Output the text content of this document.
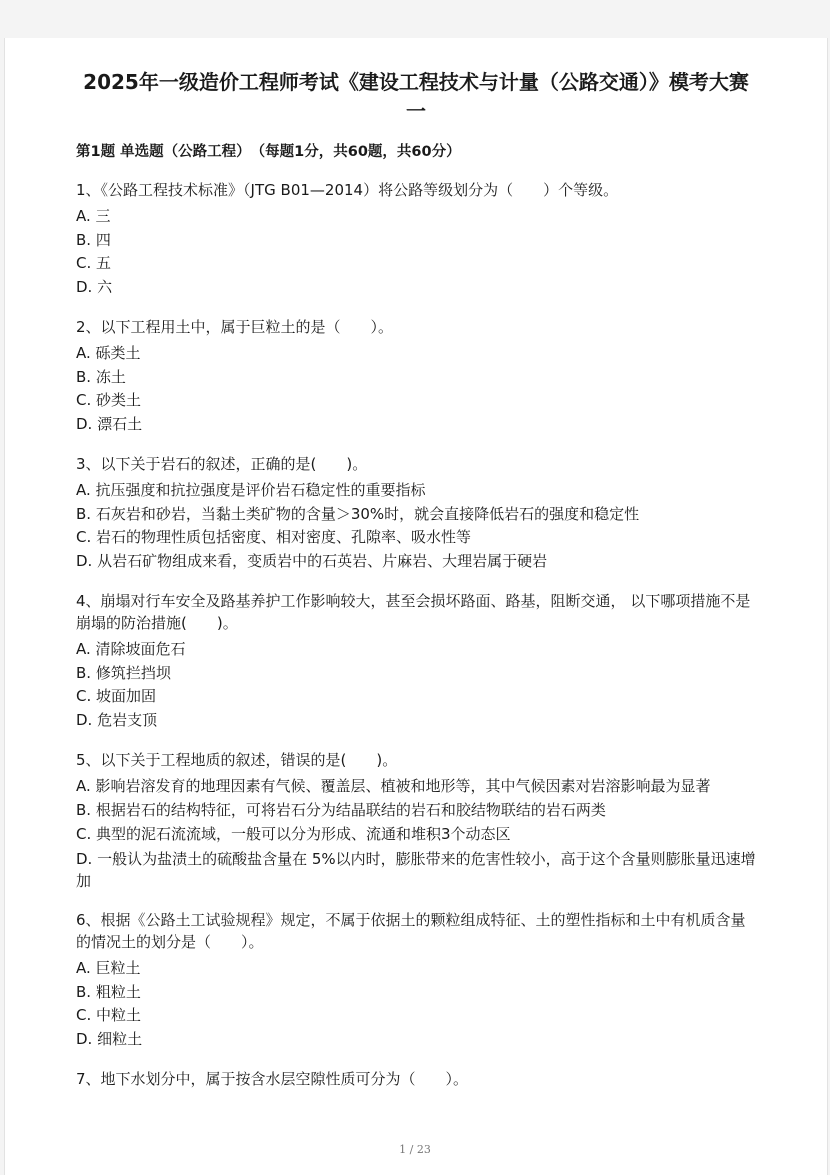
2025年一级造价工程师考试《建设工程技术与计量（公路交通）》模考大赛一
第1题 单选题（公路工程）　（每题1分，共60题，共60分）

1、《公路工程技术标准》（JTG B01—2014）将公路等级划分为（　　）个等级。

A. 三

B. 四

C. 五

D. 六

2、以下工程用土中，属于巨粒土的是（　　）。

A. 砾类土

B. 冻土

C. 砂类土

D. 漂石土

3、以下关于岩石的叙述，正确的是(　　)。

A. 抗压强度和抗拉强度是评价岩石稳定性的重要指标

B. 石灰岩和砂岩，当黏土类矿物的含量＞30%时，就会直接降低岩石的强度和稳定性

C. 岩石的物理性质包括密度、相对密度、孔隙率、吸水性等

D. 从岩石矿物组成来看，变质岩中的石英岩、片麻岩、大理岩属于硬岩

4、崩塌对行车安全及路基养护工作影响较大，甚至会损坏路面、路基，阻断交通， 以下哪项措施不是崩塌的防治措施(　　)。

A. 清除坡面危石

B. 修筑拦挡坝

C. 坡面加固

D. 危岩支顶

5、以下关于工程地质的叙述，错误的是(　　)。

A. 影响岩溶发育的地理因素有气候、覆盖层、植被和地形等，其中气候因素对岩溶影响最为显著

B. 根据岩石的结构特征，可将岩石分为结晶联结的岩石和胶结物联结的岩石两类

C. 典型的泥石流流域，一般可以分为形成、流通和堆积3个动态区

D. 一般认为盐渍土的硫酸盐含量在 5%以内时，膨胀带来的危害性较小，高于这个含量则膨胀量迅速增加

6、根据《公路土工试验规程》规定，不属于依据土的颗粒组成特征、土的塑性指标和土中有机质含量的情况土的划分是（　　）。

A. 巨粒土

B. 粗粒土

C. 中粒土

D. 细粒土

7、地下水划分中，属于按含水层空隙性质可分为（　　）。

1 / 23
